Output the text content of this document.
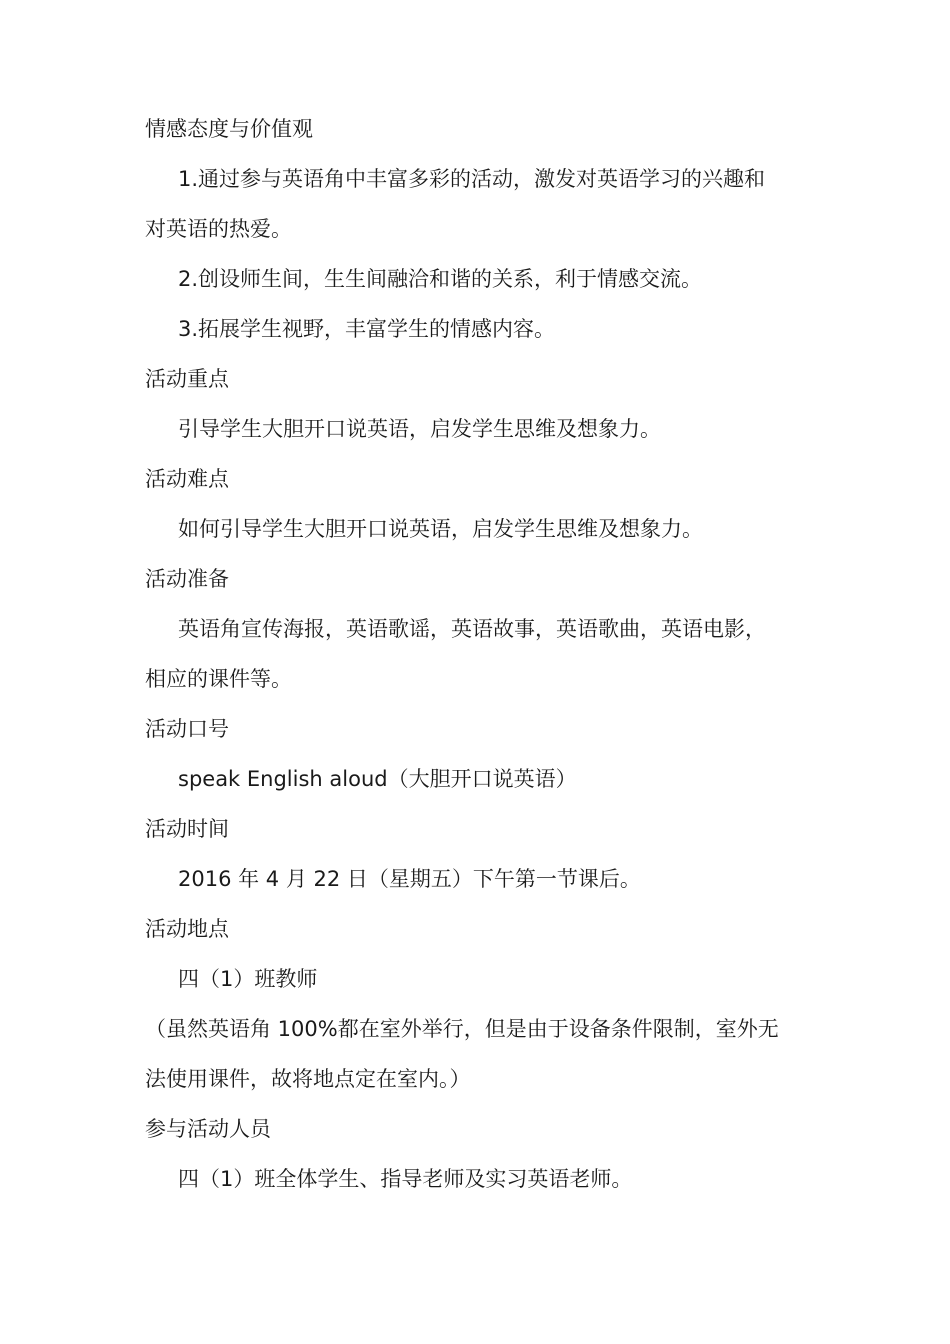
情感态度与价值观
1.通过参与英语角中丰富多彩的活动，激发对英语学习的兴趣和
对英语的热爱。
2.创设师生间，生生间融洽和谐的关系，利于情感交流。
3.拓展学生视野，丰富学生的情感内容。
活动重点
引导学生大胆开口说英语，启发学生思维及想象力。
活动难点
如何引导学生大胆开口说英语，启发学生思维及想象力。
活动准备
英语角宣传海报，英语歌谣，英语故事，英语歌曲，英语电影，
相应的课件等。
活动口号
speak English aloud（大胆开口说英语）
活动时间
2016 年 4 月 22 日（星期五）下午第一节课后。
活动地点
四（1）班教师
（虽然英语角 100%都在室外举行，但是由于设备条件限制，室外无
法使用课件，故将地点定在室内。）
参与活动人员
四（1）班全体学生、指导老师及实习英语老师。
